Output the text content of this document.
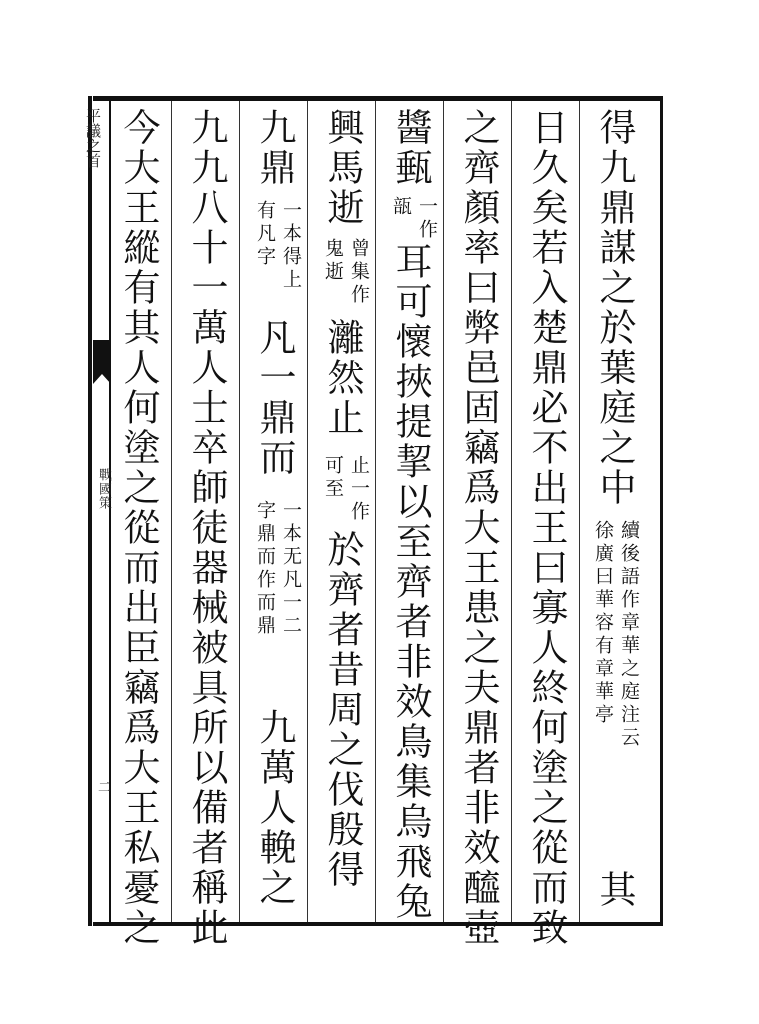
平議之首
戰國策
二
得九鼎謀之於葉庭之中
續後語作章華之庭注云
徐廣曰華容有章華亭
其
日久矣若入楚鼎必不出王曰寡人終何塗之從而致
之齊顏率曰弊邑固竊爲大王患之夫鼎者非效醯壺
醬甀
一作
瓿
耳可懷挾提挈以至齊者非效鳥集烏飛兔
興馬逝
曾集作
鬼逝
灕然止
止一作
可至
於齊者昔周之伐殷得
九鼎
一本得上
有凡字
凡一鼎而
一本无凡一二
字鼎而作而鼎
九萬人輓之
九九八十一萬人士卒師徒器械被具所以備者稱此
今大王縱有其人何塗之從而出臣竊爲大王私憂之
